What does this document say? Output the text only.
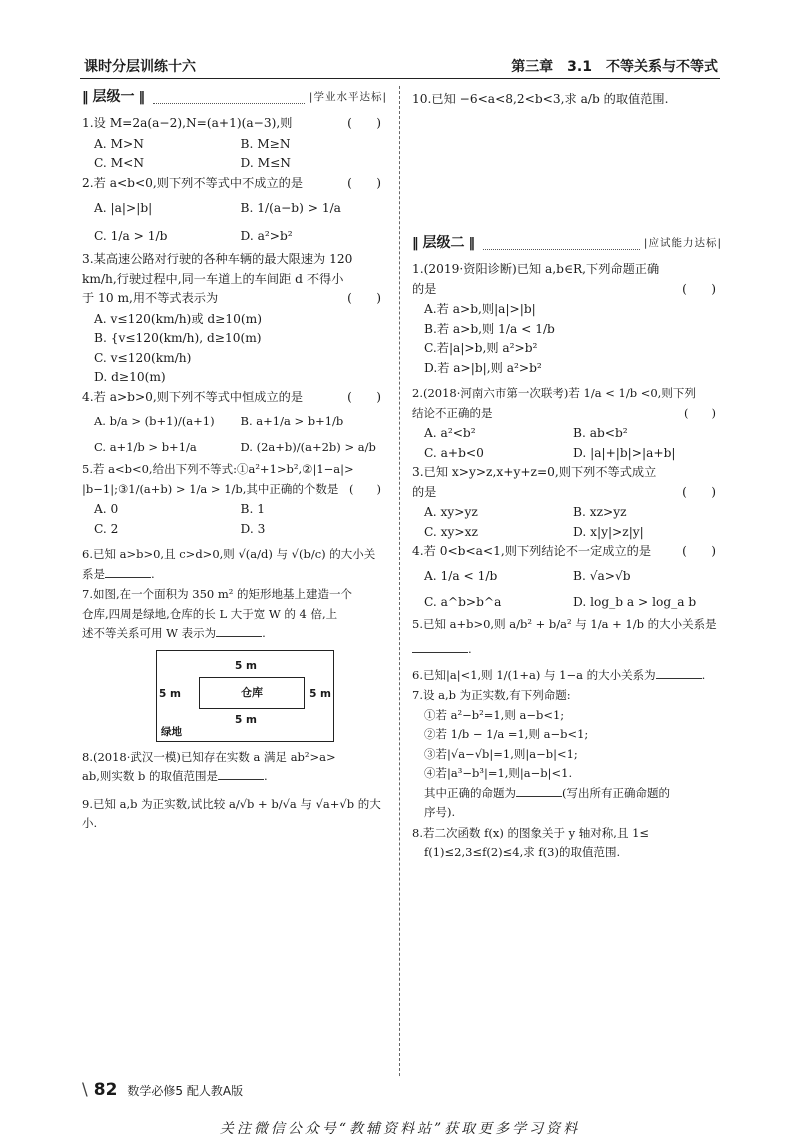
课时分层训练十六	第三章　3.1　不等关系与不等式
‖ 层级一 ‖	|学业水平达标|
1.设 M=2a(a−2),N=(a+1)(a−3),则	(　　)
A. M>N	B. M≥N
C. M<N	D. M≤N
2.若 a<b<0,则下列不等式中不成立的是	(　　)
A. |a|>|b|	B. 1/(a−b) > 1/a
C. 1/a > 1/b	D. a²>b²
3.某高速公路对行驶的各种车辆的最大限速为 120
km/h,行驶过程中,同一车道上的车间距 d 不得小
于 10 m,用不等式表示为	(　　)
A. v≤120(km/h)或 d≥10(m)
B. {v≤120(km/h), d≥10(m)
C. v≤120(km/h)
D. d≥10(m)
4.若 a>b>0,则下列不等式中恒成立的是	(　　)
A. b/a > (b+1)/(a+1)	B. a+1/a > b+1/b
C. a+1/b > b+1/a	D. (2a+b)/(a+2b) > a/b
5.若 a<b<0,给出下列不等式:①a²+1>b²,②|1−a|>
|b−1|;③1/(a+b) > 1/a > 1/b,其中正确的个数是 (　　)
A. 0	B. 1
C. 2	D. 3
6.已知 a>b>0,且 c>d>0,则 √(a/d) 与 √(b/c) 的大小关
系是	.
7.如图,在一个面积为 350 m² 的矩形地基上建造一个
仓库,四周是绿地,仓库的长 L 大于宽 W 的 4 倍,上
述不等关系可用 W 表示为	.
5 m
5 m	5 m
5 m
绿地
仓库
8.(2018·武汉一模)已知存在实数 a 满足 ab²>a>
ab,则实数 b 的取值范围是	.
9.已知 a,b 为正实数,试比较 a/√b + b/√a 与 √a+√b 的大小.
10.已知 −6<a<8,2<b<3,求 a/b 的取值范围.
‖ 层级二 ‖	|应试能力达标|
1.(2019·资阳诊断)已知 a,b∈R,下列命题正确
的是	(　　)
A.若 a>b,则|a|>|b|
B.若 a>b,则 1/a < 1/b
C.若|a|>b,则 a²>b²
D.若 a>|b|,则 a²>b²
2.(2018·河南六市第一次联考)若 1/a < 1/b <0,则下列
结论不正确的是	(　　)
A. a²<b²	B. ab<b²
C. a+b<0	D. |a|+|b|>|a+b|
3.已知 x>y>z,x+y+z=0,则下列不等式成立
的是	(　　)
A. xy>yz	B. xz>yz
C. xy>xz	D. x|y|>z|y|
4.若 0<b<a<1,则下列结论不一定成立的是	(　　)
A. 1/a < 1/b	B. √a>√b
C. a^b>b^a	D. log_b a > log_a b
5.已知 a+b>0,则 a/b² + b/a² 与 1/a + 1/b 的大小关系是
.
6.已知|a|<1,则 1/(1+a) 与 1−a 的大小关系为	.
7.设 a,b 为正实数,有下列命题:
①若 a²−b²=1,则 a−b<1;
②若 1/b − 1/a =1,则 a−b<1;
③若|√a−√b|=1,则|a−b|<1;
④若|a³−b³|=1,则|a−b|<1.
其中正确的命题为	(写出所有正确命题的
序号).
8.若二次函数 f(x) 的图象关于 y 轴对称,且 1≤
f(1)≤2,3≤f(2)≤4,求 f(3)的取值范围.
\ 82 数学必修5 配人教A版
关注微信公众号“教辅资料站”获取更多学习资料
